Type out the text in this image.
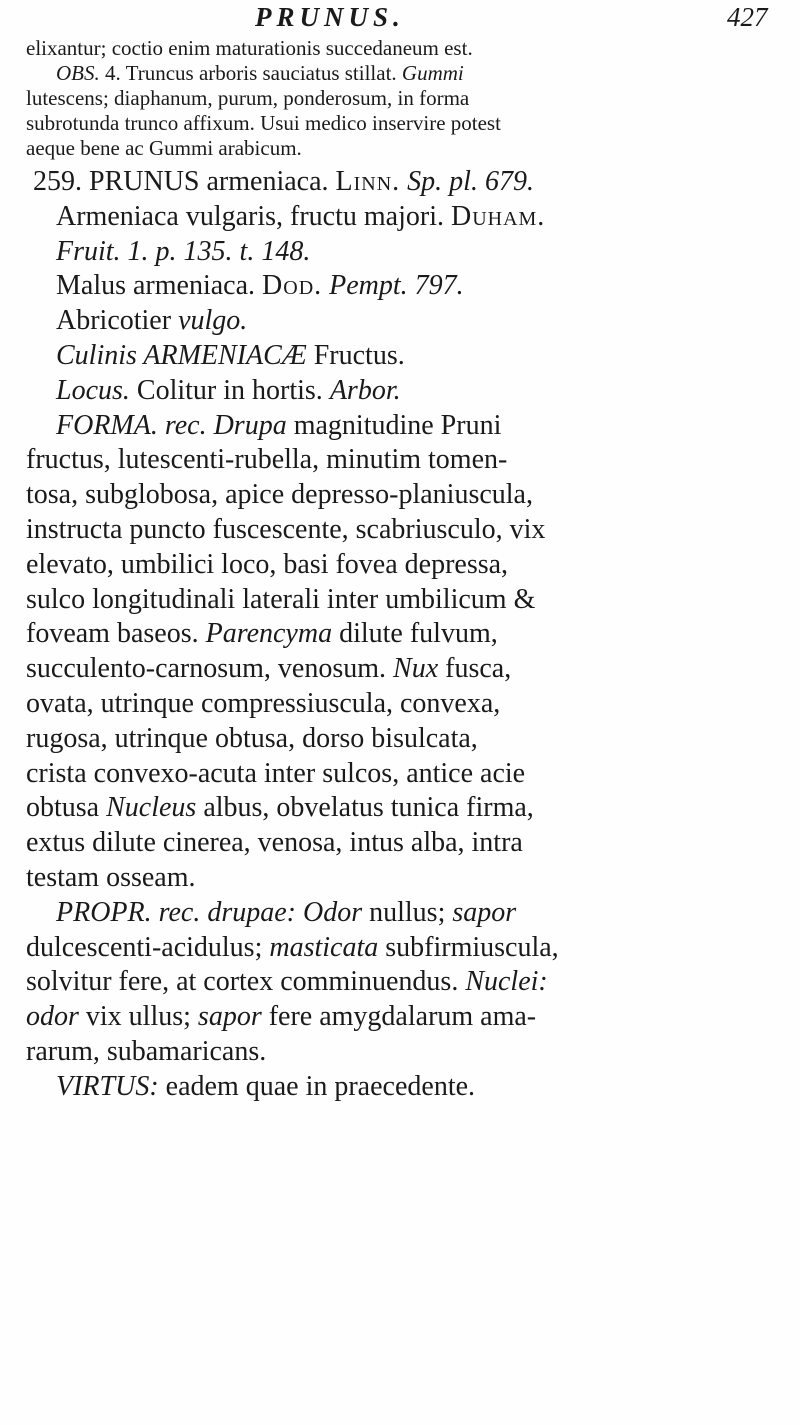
PRUNUS.	427
elixantur; coctio enim maturationis succedaneum est.
OBS. 4. Truncus arboris sauciatus stillat. Gummi
lutescens; diaphanum, purum, ponderosum, in forma
subrotunda trunco affixum. Usui medico inservire potest
aeque bene ac Gummi arabicum.
259. PRUNUS armeniaca. Linn. Sp. pl. 679.
Armeniaca vulgaris, fructu majori. Duham.
Fruit. 1. p. 135. t. 148.
Malus armeniaca. Dod. Pempt. 797.
Abricotier vulgo.
Culinis ARMENIACÆ Fructus.
Locus. Colitur in hortis. Arbor.
FORMA. rec. Drupa magnitudine Pruni
fructus, lutescenti-rubella, minutim tomen-
tosa, subglobosa, apice depresso-planiuscula,
instructa puncto fuscescente, scabriusculo, vix
elevato, umbilici loco, basi fovea depressa,
sulco longitudinali laterali inter umbilicum &
foveam baseos. Parencyma dilute fulvum,
succulento-carnosum, venosum. Nux fusca,
ovata, utrinque compressiuscula, convexa,
rugosa, utrinque obtusa, dorso bisulcata,
crista convexo-acuta inter sulcos, antice acie
obtusa Nucleus albus, obvelatus tunica firma,
extus dilute cinerea, venosa, intus alba, intra
testam osseam.
PROPR. rec. drupae: Odor nullus; sapor
dulcescenti-acidulus; masticata subfirmiuscula,
solvitur fere, at cortex comminuendus. Nuclei:
odor vix ullus; sapor fere amygdalarum ama-
rarum, subamaricans.
VIRTUS: eadem quae in praecedente.
